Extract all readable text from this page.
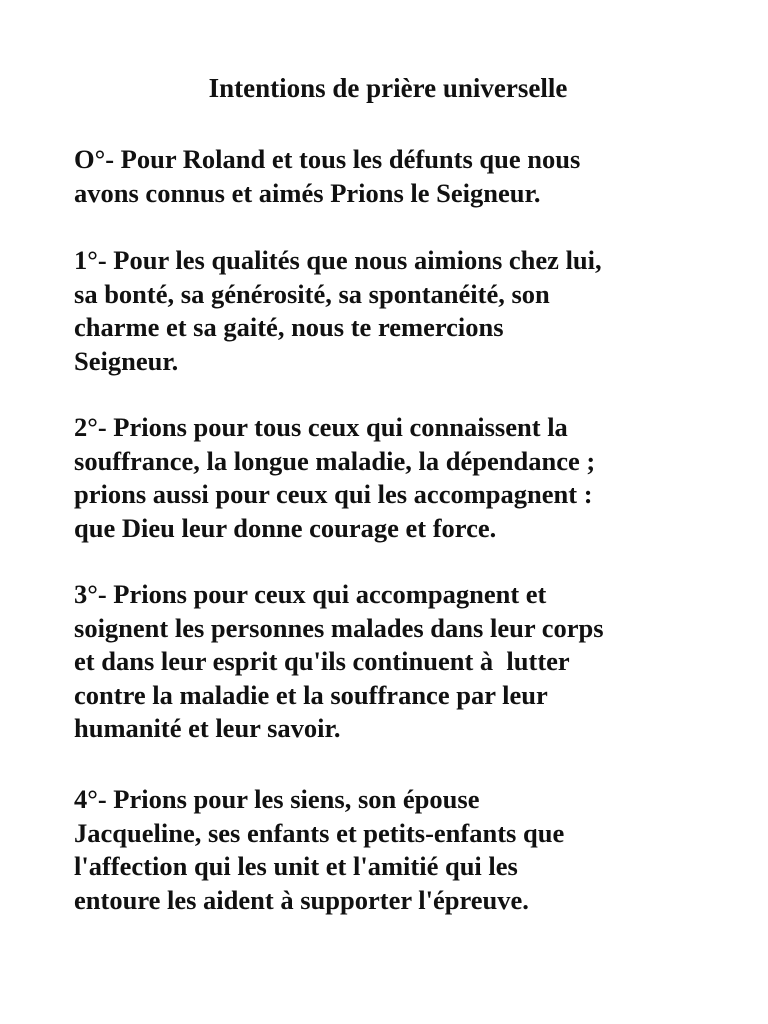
Intentions de prière universelle

O°- Pour Roland et tous les défunts que nous
avons connus et aimés Prions le Seigneur.

1°- Pour les qualités que nous aimions chez lui,
sa bonté, sa générosité, sa spontanéité, son
charme et sa gaité, nous te remercions
Seigneur.

2°- Prions pour tous ceux qui connaissent la
souffrance, la longue maladie, la dépendance ;
prions aussi pour ceux qui les accompagnent :
que Dieu leur donne courage et force.

3°- Prions pour ceux qui accompagnent et
soignent les personnes malades dans leur corps
et dans leur esprit qu'ils continuent à  lutter
contre la maladie et la souffrance par leur
humanité et leur savoir.

4°- Prions pour les siens, son épouse
Jacqueline, ses enfants et petits-enfants que
l'affection qui les unit et l'amitié qui les
entoure les aident à supporter l'épreuve.
